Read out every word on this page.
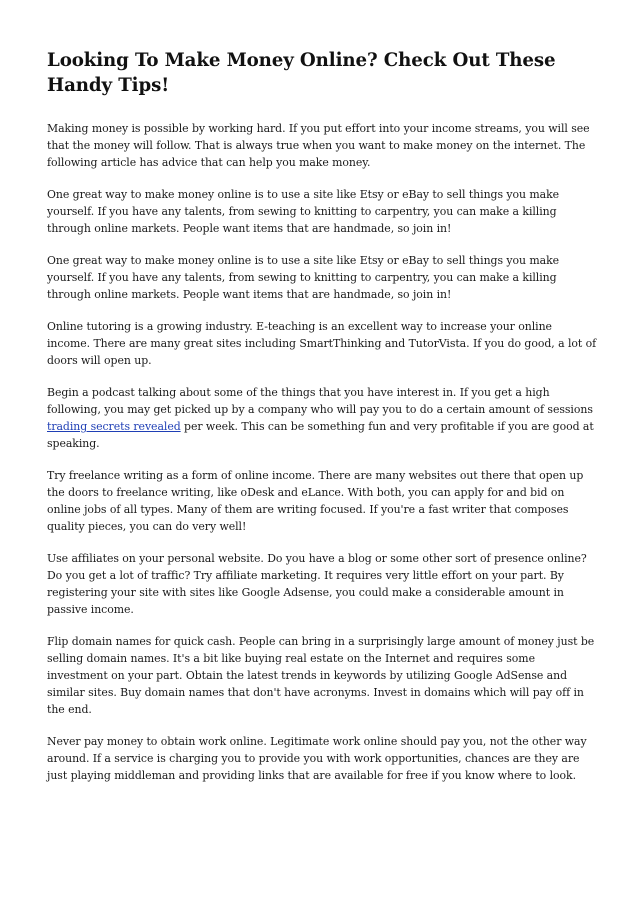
Looking To Make Money Online? Check Out These Handy Tips!

Making money is possible by working hard. If you put effort into your income streams, you will see that the money will follow. That is always true when you want to make money on the internet. The following article has advice that can help you make money.

One great way to make money online is to use a site like Etsy or eBay to sell things you make yourself. If you have any talents, from sewing to knitting to carpentry, you can make a killing through online markets. People want items that are handmade, so join in!

One great way to make money online is to use a site like Etsy or eBay to sell things you make yourself. If you have any talents, from sewing to knitting to carpentry, you can make a killing through online markets. People want items that are handmade, so join in!

Online tutoring is a growing industry. E-teaching is an excellent way to increase your online income. There are many great sites including SmartThinking and TutorVista. If you do good, a lot of doors will open up.

Begin a podcast talking about some of the things that you have interest in. If you get a high following, you may get picked up by a company who will pay you to do a certain amount of sessions trading secrets revealed per week. This can be something fun and very profitable if you are good at speaking.

Try freelance writing as a form of online income. There are many websites out there that open up the doors to freelance writing, like oDesk and eLance. With both, you can apply for and bid on online jobs of all types. Many of them are writing focused. If you're a fast writer that composes quality pieces, you can do very well!

Use affiliates on your personal website. Do you have a blog or some other sort of presence online? Do you get a lot of traffic? Try affiliate marketing. It requires very little effort on your part. By registering your site with sites like Google Adsense, you could make a considerable amount in passive income.

Flip domain names for quick cash. People can bring in a surprisingly large amount of money just be selling domain names. It's a bit like buying real estate on the Internet and requires some investment on your part. Obtain the latest trends in keywords by utilizing Google AdSense and similar sites. Buy domain names that don't have acronyms. Invest in domains which will pay off in the end.

Never pay money to obtain work online. Legitimate work online should pay you, not the other way around. If a service is charging you to provide you with work opportunities, chances are they are just playing middleman and providing links that are available for free if you know where to look.
